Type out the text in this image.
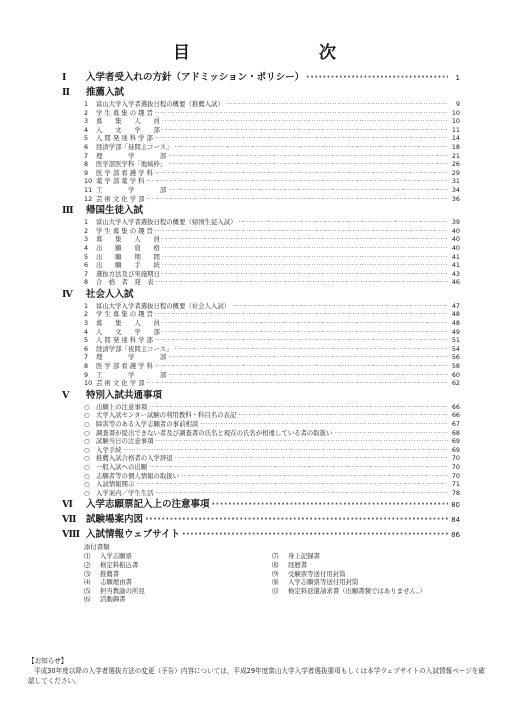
目　次
Ⅰ	入学者受入れの方針（アドミッション・ポリシー） ·····	1
Ⅱ	推薦入試
1	富山大学入学者選抜日程の概要（推薦入試） ·····	9
2	学 生 募 集 の 趣 旨 ·····	10
3	募　　集　　人　　員 ·····	10
4	人　　文　　学　　部 ·····	11
5	人 間 発 達 科 学 部 ·····	14
6	経済学部「昼間主コース」 ·····	18
7	理　　　　学　　　　部 ·····	21
8	医学部医学科「地域枠」 ·····	26
9	医 学 部 看 護 学 科 ·····	29
10 薬 学 部 薬 学 科 ·····	31
11 工　　　　学　　　　部 ·····	34
12 芸 術 文 化 学 部 ·····	36
Ⅲ	帰国生徒入試
1	富山大学入学者選抜日程の概要（帰国生徒入試） ·····	39
2	学 生 募 集 の 趣 旨 ·····	40
3	募　　集　　人　　員 ·····	40
4	出　　願　　資　　格 ·····	40
5	出　　願　　期　　間 ·····	41
6	出　　願　　手　　続 ·····	41
7	選抜方法及び実施期日 ·····	43
8	合　格　者　発　表 ·····	46
Ⅳ	社会人入試
1	富山大学入学者選抜日程の概要（社会人入試） ·····	47
2	学 生 募 集 の 趣 旨 ·····	48
3	募　　集　　人　　員 ·····	48
4	人　　文　　学　　部 ·····	49
5	人 間 発 達 科 学 部 ·····	51
6	経済学部「夜間主コース」 ·····	54
7	理　　　　学　　　　部 ·····	56
8	医 学 部 看 護 学 科 ·····	58
9	工　　　　学　　　　部 ·····	60
10 芸 術 文 化 学 部 ·····	62
Ⅴ	特別入試共通事項
○	出願上の注意事項 ·····	66
○	大学入試センター試験の利用教科・科目名の表記 ·····	66
○	障害等のある入学志願者の事前相談 ·····	67
○	調査書が提出できない者及び調査書の氏名と現在の氏名が相違している者の取扱い ·····	68
○	試験当日の注意事項 ·····	69
○	入学手続 ·····	69
○	推薦入試合格者の入学辞退 ·····	70
○	一般入試への出願 ·····	70
○	志願者等の個人情報の取扱い ·····	70
○	入試情報開示 ·····	71
○	入学案内／学生生活 ·····	78
Ⅵ	入学志願票記入上の注意事項 ·····	80
Ⅶ	試験場案内図 ·····	84
Ⅷ 入試情報ウェブサイト ·····	86
添付書類
⑴	入学志願票
⑵	検定料振込書
⑶	推薦書
⑷	志願理由書
⑸	担当教諭の所見
⑹	活動調書
⑺	身上記録書
⑻	経歴書
⑼	受験票等送付用封筒
⑽	入学志願票等送付用封筒
⑾	検定料返還請求書（出願書類ではありません。）
【お知らせ】
平成30年度以降の入学者選抜方法の変更（予告）内容については，平成29年度富山大学入学者選抜要項もしくは本学ウェブサイトの入試情報ページを確認してください。
